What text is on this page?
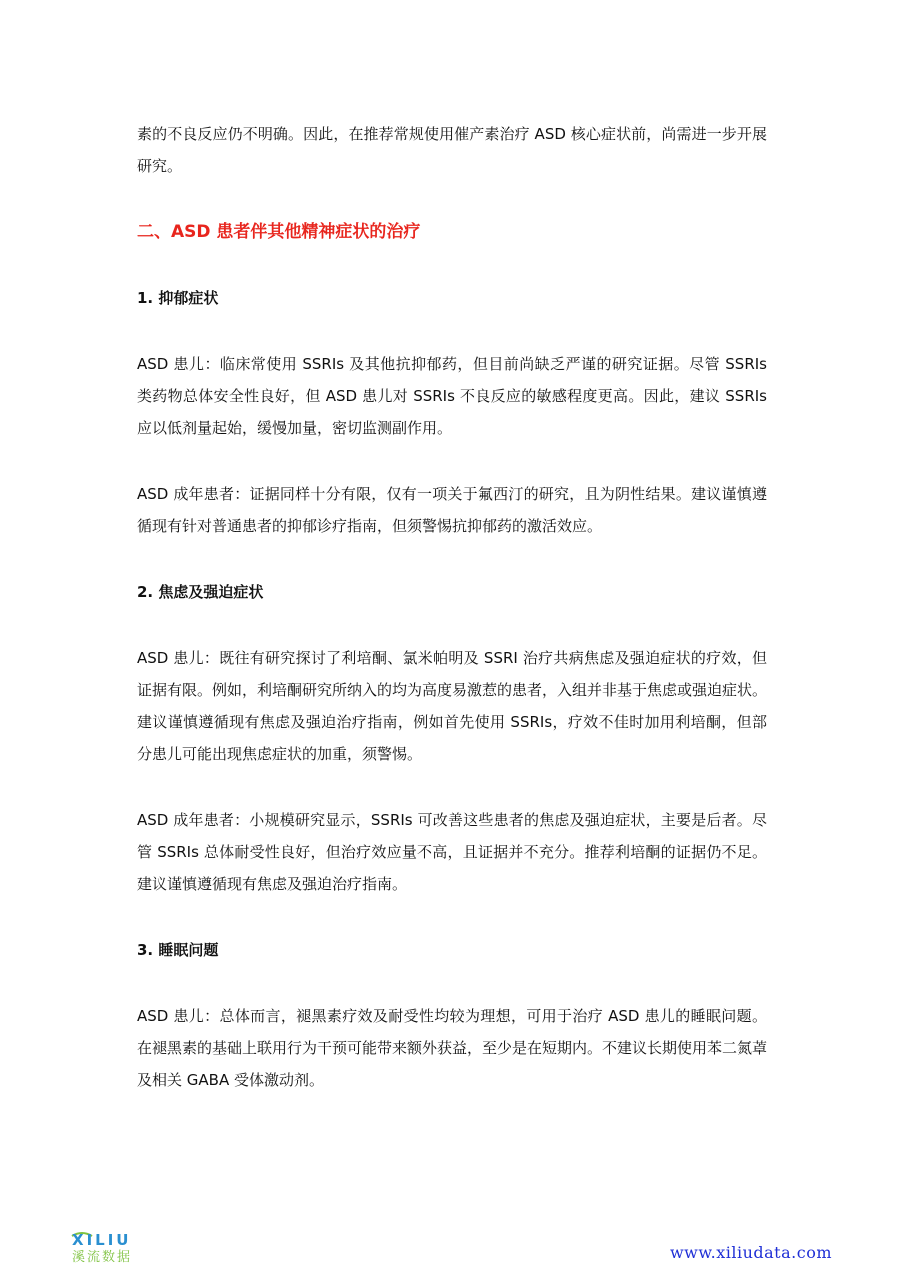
素的不良反应仍不明确。因此，在推荐常规使用催产素治疗 ASD 核心症状前，尚需进一步开展研究。

二、ASD 患者伴其他精神症状的治疗

1. 抑郁症状

ASD 患儿：临床常使用 SSRIs 及其他抗抑郁药，但目前尚缺乏严谨的研究证据。尽管 SSRIs 类药物总体安全性良好，但 ASD 患儿对 SSRIs 不良反应的敏感程度更高。因此，建议 SSRIs 应以低剂量起始，缓慢加量，密切监测副作用。

ASD 成年患者：证据同样十分有限，仅有一项关于氟西汀的研究，且为阴性结果。建议谨慎遵循现有针对普通患者的抑郁诊疗指南，但须警惕抗抑郁药的激活效应。

2. 焦虑及强迫症状

ASD 患儿：既往有研究探讨了利培酮、氯米帕明及 SSRI 治疗共病焦虑及强迫症状的疗效，但证据有限。例如，利培酮研究所纳入的均为高度易激惹的患者，入组并非基于焦虑或强迫症状。建议谨慎遵循现有焦虑及强迫治疗指南，例如首先使用 SSRIs，疗效不佳时加用利培酮，但部分患儿可能出现焦虑症状的加重，须警惕。

ASD 成年患者：小规模研究显示，SSRIs 可改善这些患者的焦虑及强迫症状，主要是后者。尽管 SSRIs 总体耐受性良好，但治疗效应量不高，且证据并不充分。推荐利培酮的证据仍不足。建议谨慎遵循现有焦虑及强迫治疗指南。

3. 睡眠问题

ASD 患儿：总体而言，褪黑素疗效及耐受性均较为理想，可用于治疗 ASD 患儿的睡眠问题。在褪黑素的基础上联用行为干预可能带来额外获益，至少是在短期内。不建议长期使用苯二氮䓬及相关 GABA 受体激动剂。

XILIU
溪流数据	www.xiliudata.com
